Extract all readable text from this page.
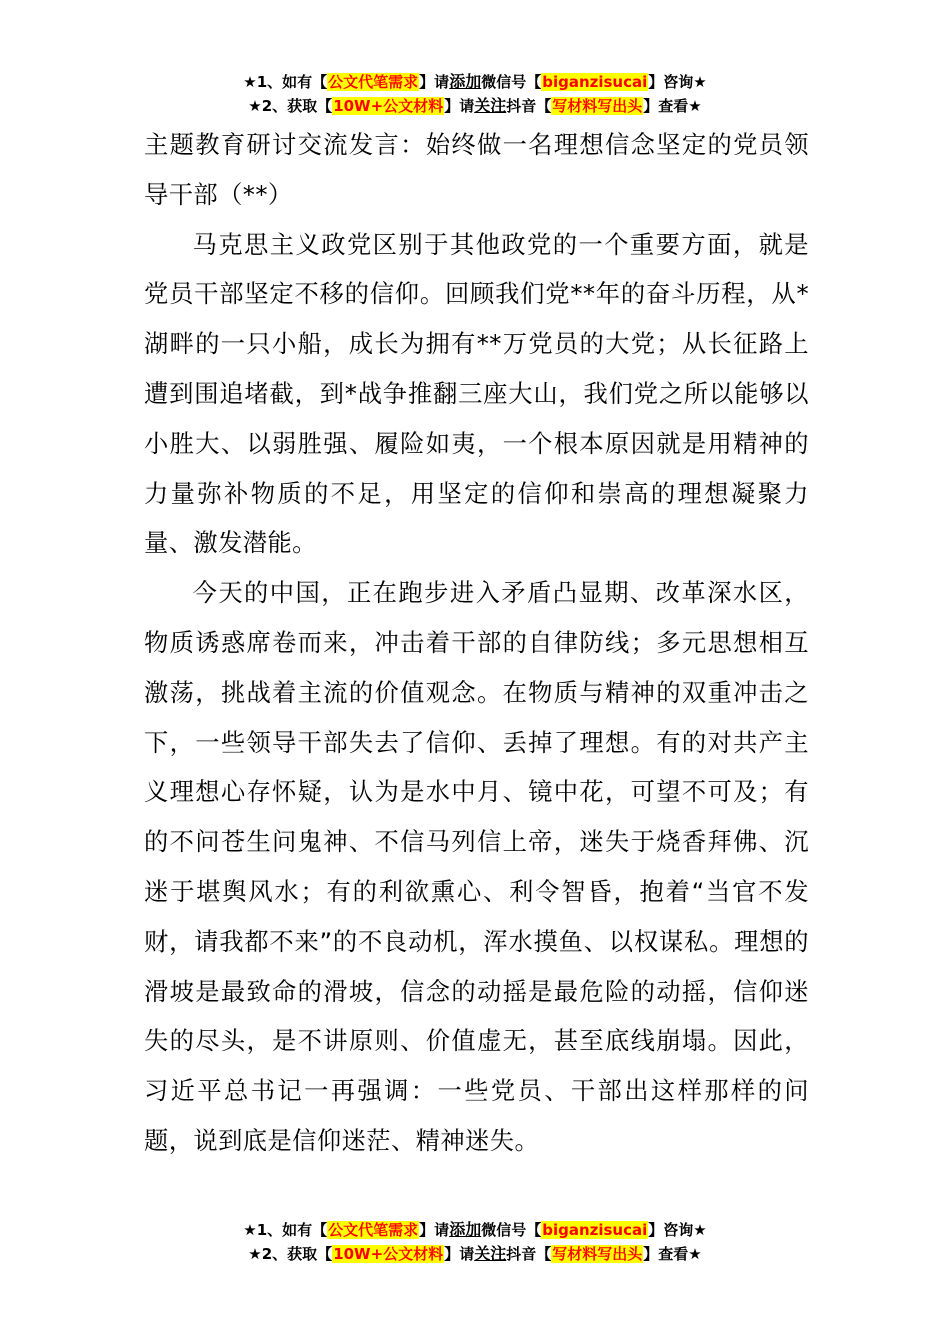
★1、如有【公文代笔需求】请添加微信号【biganzisucai】咨询★
★2、获取【10W+公文材料】请关注抖音【写材料写出头】查看★

主题教育研讨交流发言：始终做一名理想信念坚定的党员领导干部（**）

马克思主义政党区别于其他政党的一个重要方面，就是党员干部坚定不移的信仰。回顾我们党**年的奋斗历程，从*湖畔的一只小船，成长为拥有**万党员的大党；从长征路上遭到围追堵截，到*战争推翻三座大山，我们党之所以能够以小胜大、以弱胜强、履险如夷，一个根本原因就是用精神的力量弥补物质的不足，用坚定的信仰和崇高的理想凝聚力量、激发潜能。

今天的中国，正在跑步进入矛盾凸显期、改革深水区，物质诱惑席卷而来，冲击着干部的自律防线；多元思想相互激荡，挑战着主流的价值观念。在物质与精神的双重冲击之下，一些领导干部失去了信仰、丢掉了理想。有的对共产主义理想心存怀疑，认为是水中月、镜中花，可望不可及；有的不问苍生问鬼神、不信马列信上帝，迷失于烧香拜佛、沉迷于堪舆风水；有的利欲熏心、利令智昏，抱着“当官不发财，请我都不来”的不良动机，浑水摸鱼、以权谋私。理想的滑坡是最致命的滑坡，信念的动摇是最危险的动摇，信仰迷失的尽头，是不讲原则、价值虚无，甚至底线崩塌。因此，习近平总书记一再强调：一些党员、干部出这样那样的问题，说到底是信仰迷茫、精神迷失。

★1、如有【公文代笔需求】请添加微信号【biganzisucai】咨询★
★2、获取【10W+公文材料】请关注抖音【写材料写出头】查看★
